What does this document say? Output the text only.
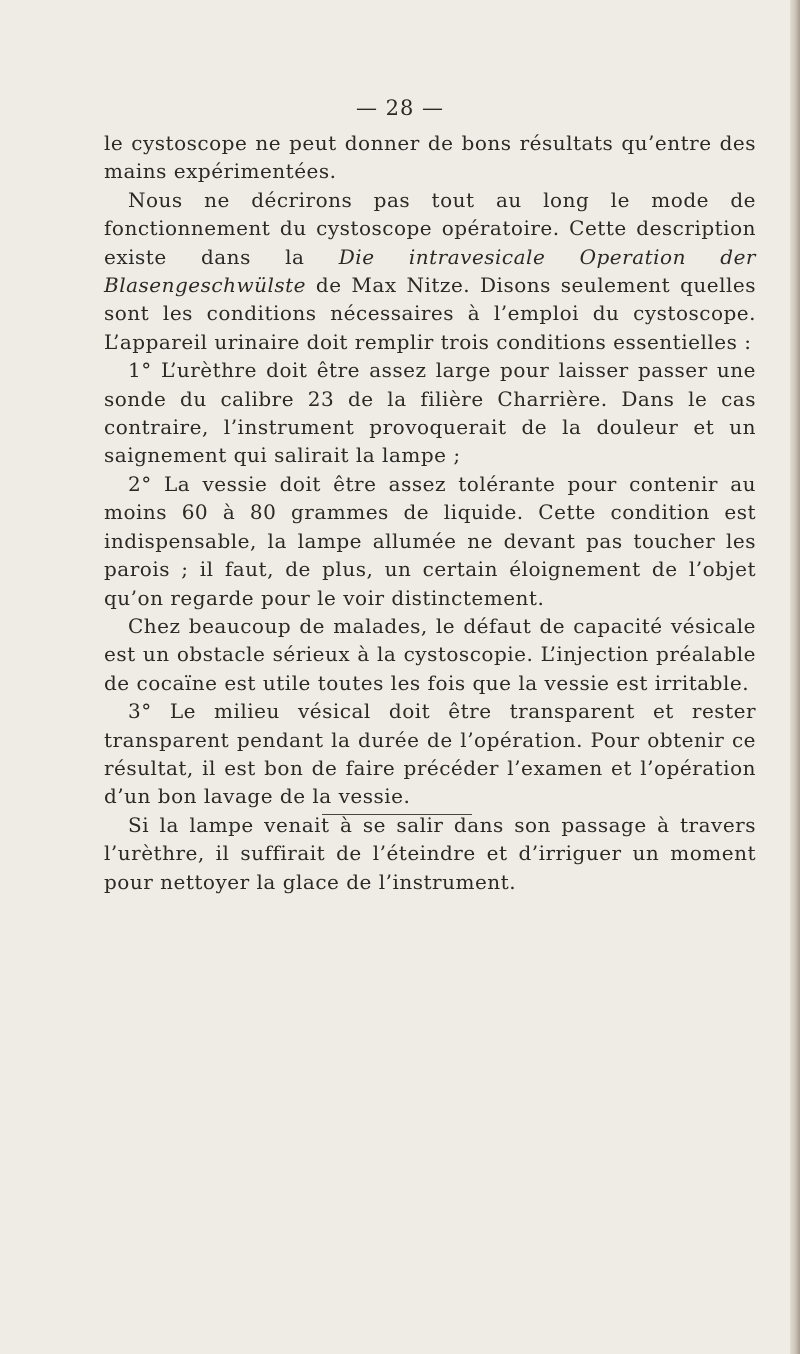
— 28 —

le cystoscope ne peut donner de bons résultats qu’entre des mains expérimentées.

Nous ne décrirons pas tout au long le mode de fonctionnement du cystoscope opératoire. Cette description existe dans la Die intravesicale Operation der Blasengeschwülste de Max Nitze. Disons seulement quelles sont les conditions nécessaires à l’emploi du cystoscope. L’appareil urinaire doit remplir trois conditions essentielles :

1° L’urèthre doit être assez large pour laisser passer une sonde du calibre 23 de la filière Charrière. Dans le cas contraire, l’instrument provoquerait de la douleur et un saignement qui salirait la lampe ;

2° La vessie doit être assez tolérante pour contenir au moins 60 à 80 grammes de liquide. Cette condition est indispensable, la lampe allumée ne devant pas toucher les parois ; il faut, de plus, un certain éloignement de l’objet qu’on regarde pour le voir distinctement.

Chez beaucoup de malades, le défaut de capacité vésicale est un obstacle sérieux à la cystoscopie. L’injection préalable de cocaïne est utile toutes les fois que la vessie est irritable.

3° Le milieu vésical doit être transparent et rester transparent pendant la durée de l’opération. Pour obtenir ce résultat, il est bon de faire précéder l’examen et l’opération d’un bon lavage de la vessie.

Si la lampe venait à se salir dans son passage à travers l’urèthre, il suffirait de l’éteindre et d’irriguer un moment pour nettoyer la glace de l’instrument.
